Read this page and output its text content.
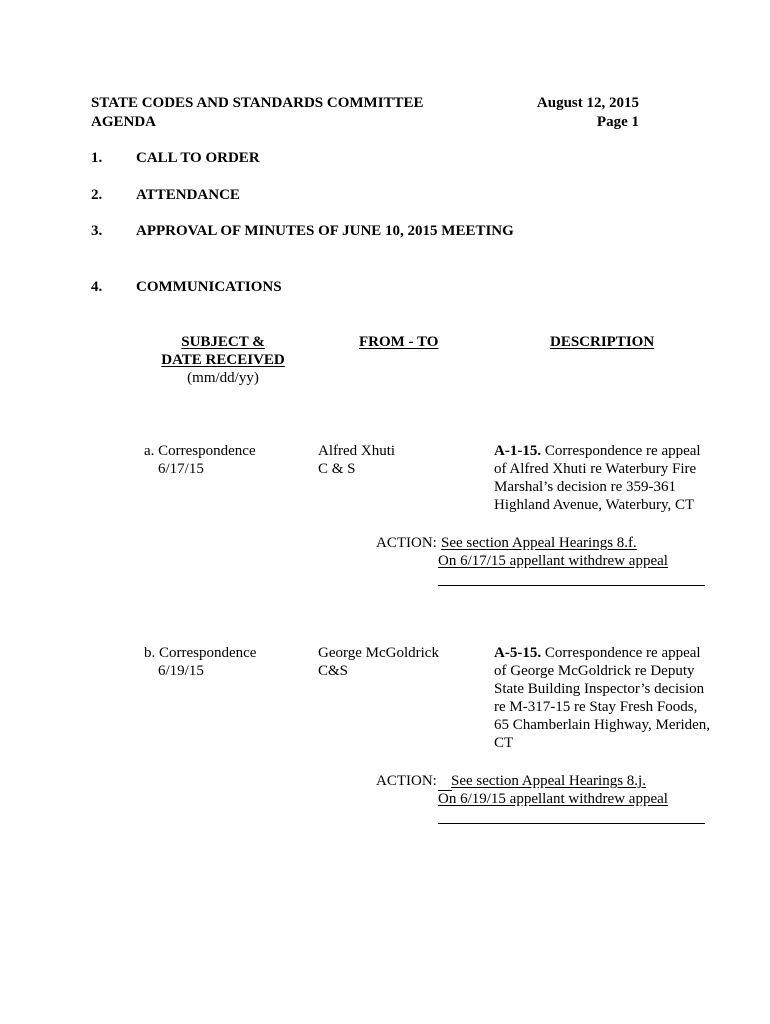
STATE CODES AND STANDARDS COMMITTEE
AGENDA
August 12, 2015
Page 1
1. CALL TO ORDER
2. ATTENDANCE
3. APPROVAL OF MINUTES OF JUNE 10, 2015 MEETING
4. COMMUNICATIONS
SUBJECT &
DATE RECEIVED
(mm/dd/yy)
FROM - TO	DESCRIPTION
a. Correspondence
6/17/15
Alfred Xhuti
C & S
A-1-15. Correspondence re appeal
of Alfred Xhuti re Waterbury Fire
Marshal’s decision re 359-361
Highland Avenue, Waterbury, CT
ACTION: See section Appeal Hearings 8.f.
On 6/17/15 appellant withdrew appeal
b. Correspondence
6/19/15
George McGoldrick
C&S
A-5-15. Correspondence re appeal
of George McGoldrick re Deputy
State Building Inspector’s decision
re M-317-15 re Stay Fresh Foods,
65 Chamberlain Highway, Meriden,
CT
ACTION: See section Appeal Hearings 8.j.
On 6/19/15 appellant withdrew appeal
